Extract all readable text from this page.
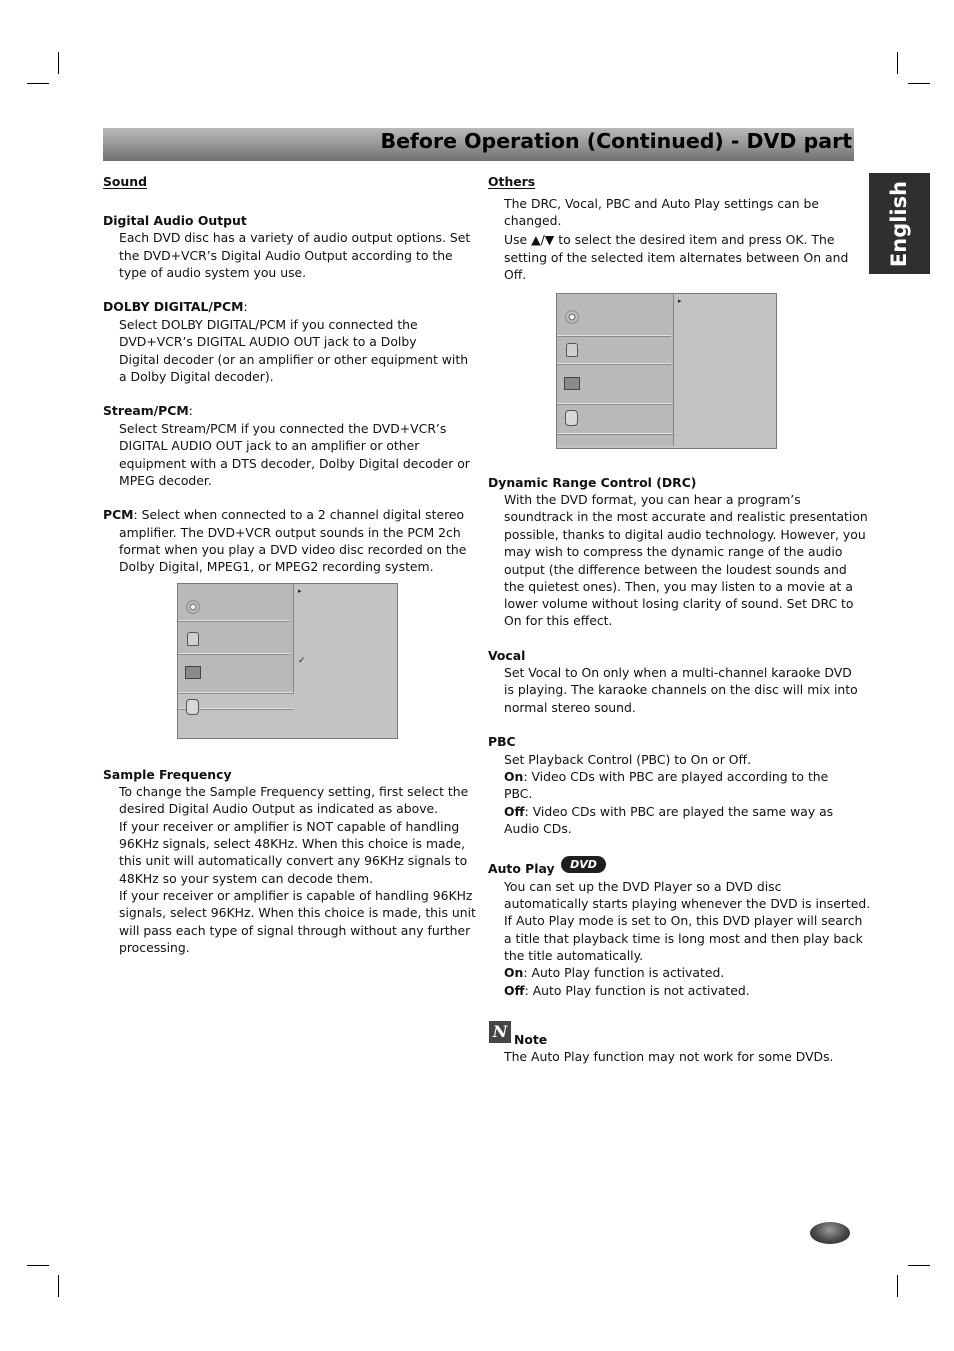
Before Operation (Continued) - DVD part
English
Sound
Digital Audio Output
Each DVD disc has a variety of audio output options. Set
the DVD+VCR’s Digital Audio Output according to the
type of audio system you use.
DOLBY DIGITAL/PCM:
Select DOLBY DIGITAL/PCM if you connected the
DVD+VCR’s DIGITAL AUDIO OUT jack to a Dolby
Digital decoder (or an amplifier or other equipment with
a Dolby Digital decoder).
Stream/PCM:
Select Stream/PCM if you connected the DVD+VCR’s
DIGITAL AUDIO OUT jack to an amplifier or other
equipment with a DTS decoder, Dolby Digital decoder or
MPEG decoder.
PCM: Select when connected to a 2 channel digital stereo
amplifier. The DVD+VCR output sounds in the PCM 2ch
format when you play a DVD video disc recorded on the
Dolby Digital, MPEG1, or MPEG2 recording system.
▸
✓
Sample Frequency
To change the Sample Frequency setting, first select the
desired Digital Audio Output as indicated as above.
If your receiver or amplifier is NOT capable of handling
96KHz signals, select 48KHz. When this choice is made,
this unit will automatically convert any 96KHz signals to
48KHz so your system can decode them.
If your receiver or amplifier is capable of handling 96KHz
signals, select 96KHz. When this choice is made, this unit
will pass each type of signal through without any further
processing.
Others
The DRC, Vocal, PBC and Auto Play settings can be
changed.
Use ▲/▼ to select the desired item and press OK. The
setting of the selected item alternates between On and
Off.
▸
Dynamic Range Control (DRC)
With the DVD format, you can hear a program’s
soundtrack in the most accurate and realistic presentation
possible, thanks to digital audio technology. However, you
may wish to compress the dynamic range of the audio
output (the difference between the loudest sounds and
the quietest ones). Then, you may listen to a movie at a
lower volume without losing clarity of sound. Set DRC to
On for this effect.
Vocal
Set Vocal to On only when a multi-channel karaoke DVD
is playing. The karaoke channels on the disc will mix into
normal stereo sound.
PBC
Set Playback Control (PBC) to On or Off.
On: Video CDs with PBC are played according to the
PBC.
Off: Video CDs with PBC are played the same way as
Audio CDs.
Auto Play	DVD
You can set up the DVD Player so a DVD disc
automatically starts playing whenever the DVD is inserted.
If Auto Play mode is set to On, this DVD player will search
a title that playback time is long most and then play back
the title automatically.
On: Auto Play function is activated.
Off: Auto Play function is not activated.
N Note
The Auto Play function may not work for some DVDs.
